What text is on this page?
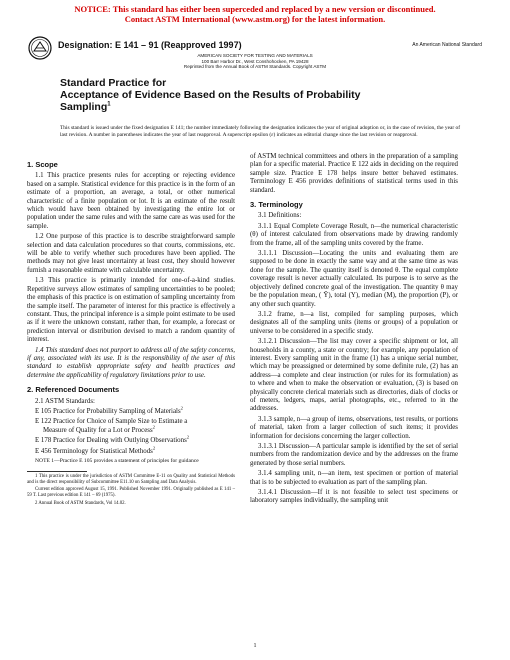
NOTICE: This standard has either been superceded and replaced by a new version or discontinued.
Contact ASTM International (www.astm.org) for the latest information.
Designation: E 141 – 91 (Reapproved 1997)	An American National Standard
AMERICAN SOCIETY FOR TESTING AND MATERIALS
100 Barr Harbor Dr., West Conshohocken, PA 19428
Reprinted from the Annual Book of ASTM Standards. Copyright ASTM
Standard Practice for
Acceptance of Evidence Based on the Results of Probability
Sampling$^1$
This standard is issued under the fixed designation E 141; the number immediately following the designation indicates the year of original adoption or, in the case of revision, the year of last revision. A number in parentheses indicates the year of last reapproval. A superscript epsilon (ε) indicates an editorial change since the last revision or reapproval.
1. Scope

1.1 This practice presents rules for accepting or rejecting evidence based on a sample. Statistical evidence for this practice is in the form of an estimate of a proportion, an average, a total, or other numerical characteristic of a finite population or lot. It is an estimate of the result which would have been obtained by investigating the entire lot or population under the same rules and with the same care as was used for the sample.

1.2 One purpose of this practice is to describe straightforward sample selection and data calculation procedures so that courts, commissions, etc. will be able to verify whether such procedures have been applied. The methods may not give least uncertainty at least cost, they should however furnish a reasonable estimate with calculable uncertainty.

1.3 This practice is primarily intended for one-of-a-kind studies. Repetitive surveys allow estimates of sampling uncertainties to be pooled; the emphasis of this practice is on estimation of sampling uncertainty from the sample itself. The parameter of interest for this practice is effectively a constant. Thus, the principal inference is a simple point estimate to be used as if it were the unknown constant, rather than, for example, a forecast or prediction interval or distribution devised to match a random quantity of interest.

1.4 This standard does not purport to address all of the safety concerns, if any, associated with its use. It is the responsibility of the user of this standard to establish appropriate safety and health practices and determine the applicability of regulatory limitations prior to use.

2. Referenced Documents

2.1 ASTM Standards:

E 105 Practice for Probability Sampling of Materials$^2$

E 122 Practice for Choice of Sample Size to Estimate a
Measure of Quality for a Lot or Process$^2$

E 178 Practice for Dealing with Outlying Observations$^2$

E 456 Terminology for Statistical Methods$^2$

NOTE 1—Practice E 105 provides a statement of principles for guidance

1 This practice is under the jurisdiction of ASTM Committee E-11 on Quality and Statistical Methods and is the direct responsibility of Subcommittee E11.10 on Sampling and Data Analysis.

Current edition approved August 15, 1991. Published November 1991. Originally published as E 141 – 59 T. Last previous edition E 141 – 69 (1975).

2 Annual Book of ASTM Standards, Vol 14.02.

of ASTM technical committees and others in the preparation of a sampling plan for a specific material. Practice E 122 aids in deciding on the required sample size. Practice E 178 helps insure better behaved estimates. Terminology E 456 provides definitions of statistical terms used in this standard.

3. Terminology

3.1 Definitions:

3.1.1 Equal Complete Coverage Result, n—the numerical characteristic (θ) of interest calculated from observations made by drawing randomly from the frame, all of the sampling units covered by the frame.

3.1.1.1 Discussion—Locating the units and evaluating them are supposed to be done in exactly the same way and at the same time as was done for the sample. The quantity itself is denoted θ. The equal complete coverage result is never actually calculated. Its purpose is to serve as the objectively defined concrete goal of the investigation. The quantity θ may be the population mean, ( Ȳ), total (Y), median (M), the proportion (P), or any other such quantity.

3.1.2 frame, n—a list, compiled for sampling purposes, which designates all of the sampling units (items or groups) of a population or universe to be considered in a specific study.

3.1.2.1 Discussion—The list may cover a specific shipment or lot, all households in a county, a state or country; for example, any population of interest. Every sampling unit in the frame (1) has a unique serial number, which may be preassigned or determined by some definite rule, (2) has an address—a complete and clear instruction (or rules for its formulation) as to where and when to make the observation or evaluation, (3) is based on physically concrete clerical materials such as directories, dials of clocks or of meters, ledgers, maps, aerial photographs, etc., referred to in the addresses.

3.1.3 sample, n—a group of items, observations, test results, or portions of material, taken from a larger collection of such items; it provides information for decisions concerning the larger collection.

3.1.3.1 Discussion—A particular sample is identified by the set of serial numbers from the randomization device and by the addresses on the frame generated by those serial numbers.

3.1.4 sampling unit, n—an item, test specimen or portion of material that is to be subjected to evaluation as part of the sampling plan.

3.1.4.1 Discussion—If it is not feasible to select test specimens or laboratory samples individually, the sampling unit

1
